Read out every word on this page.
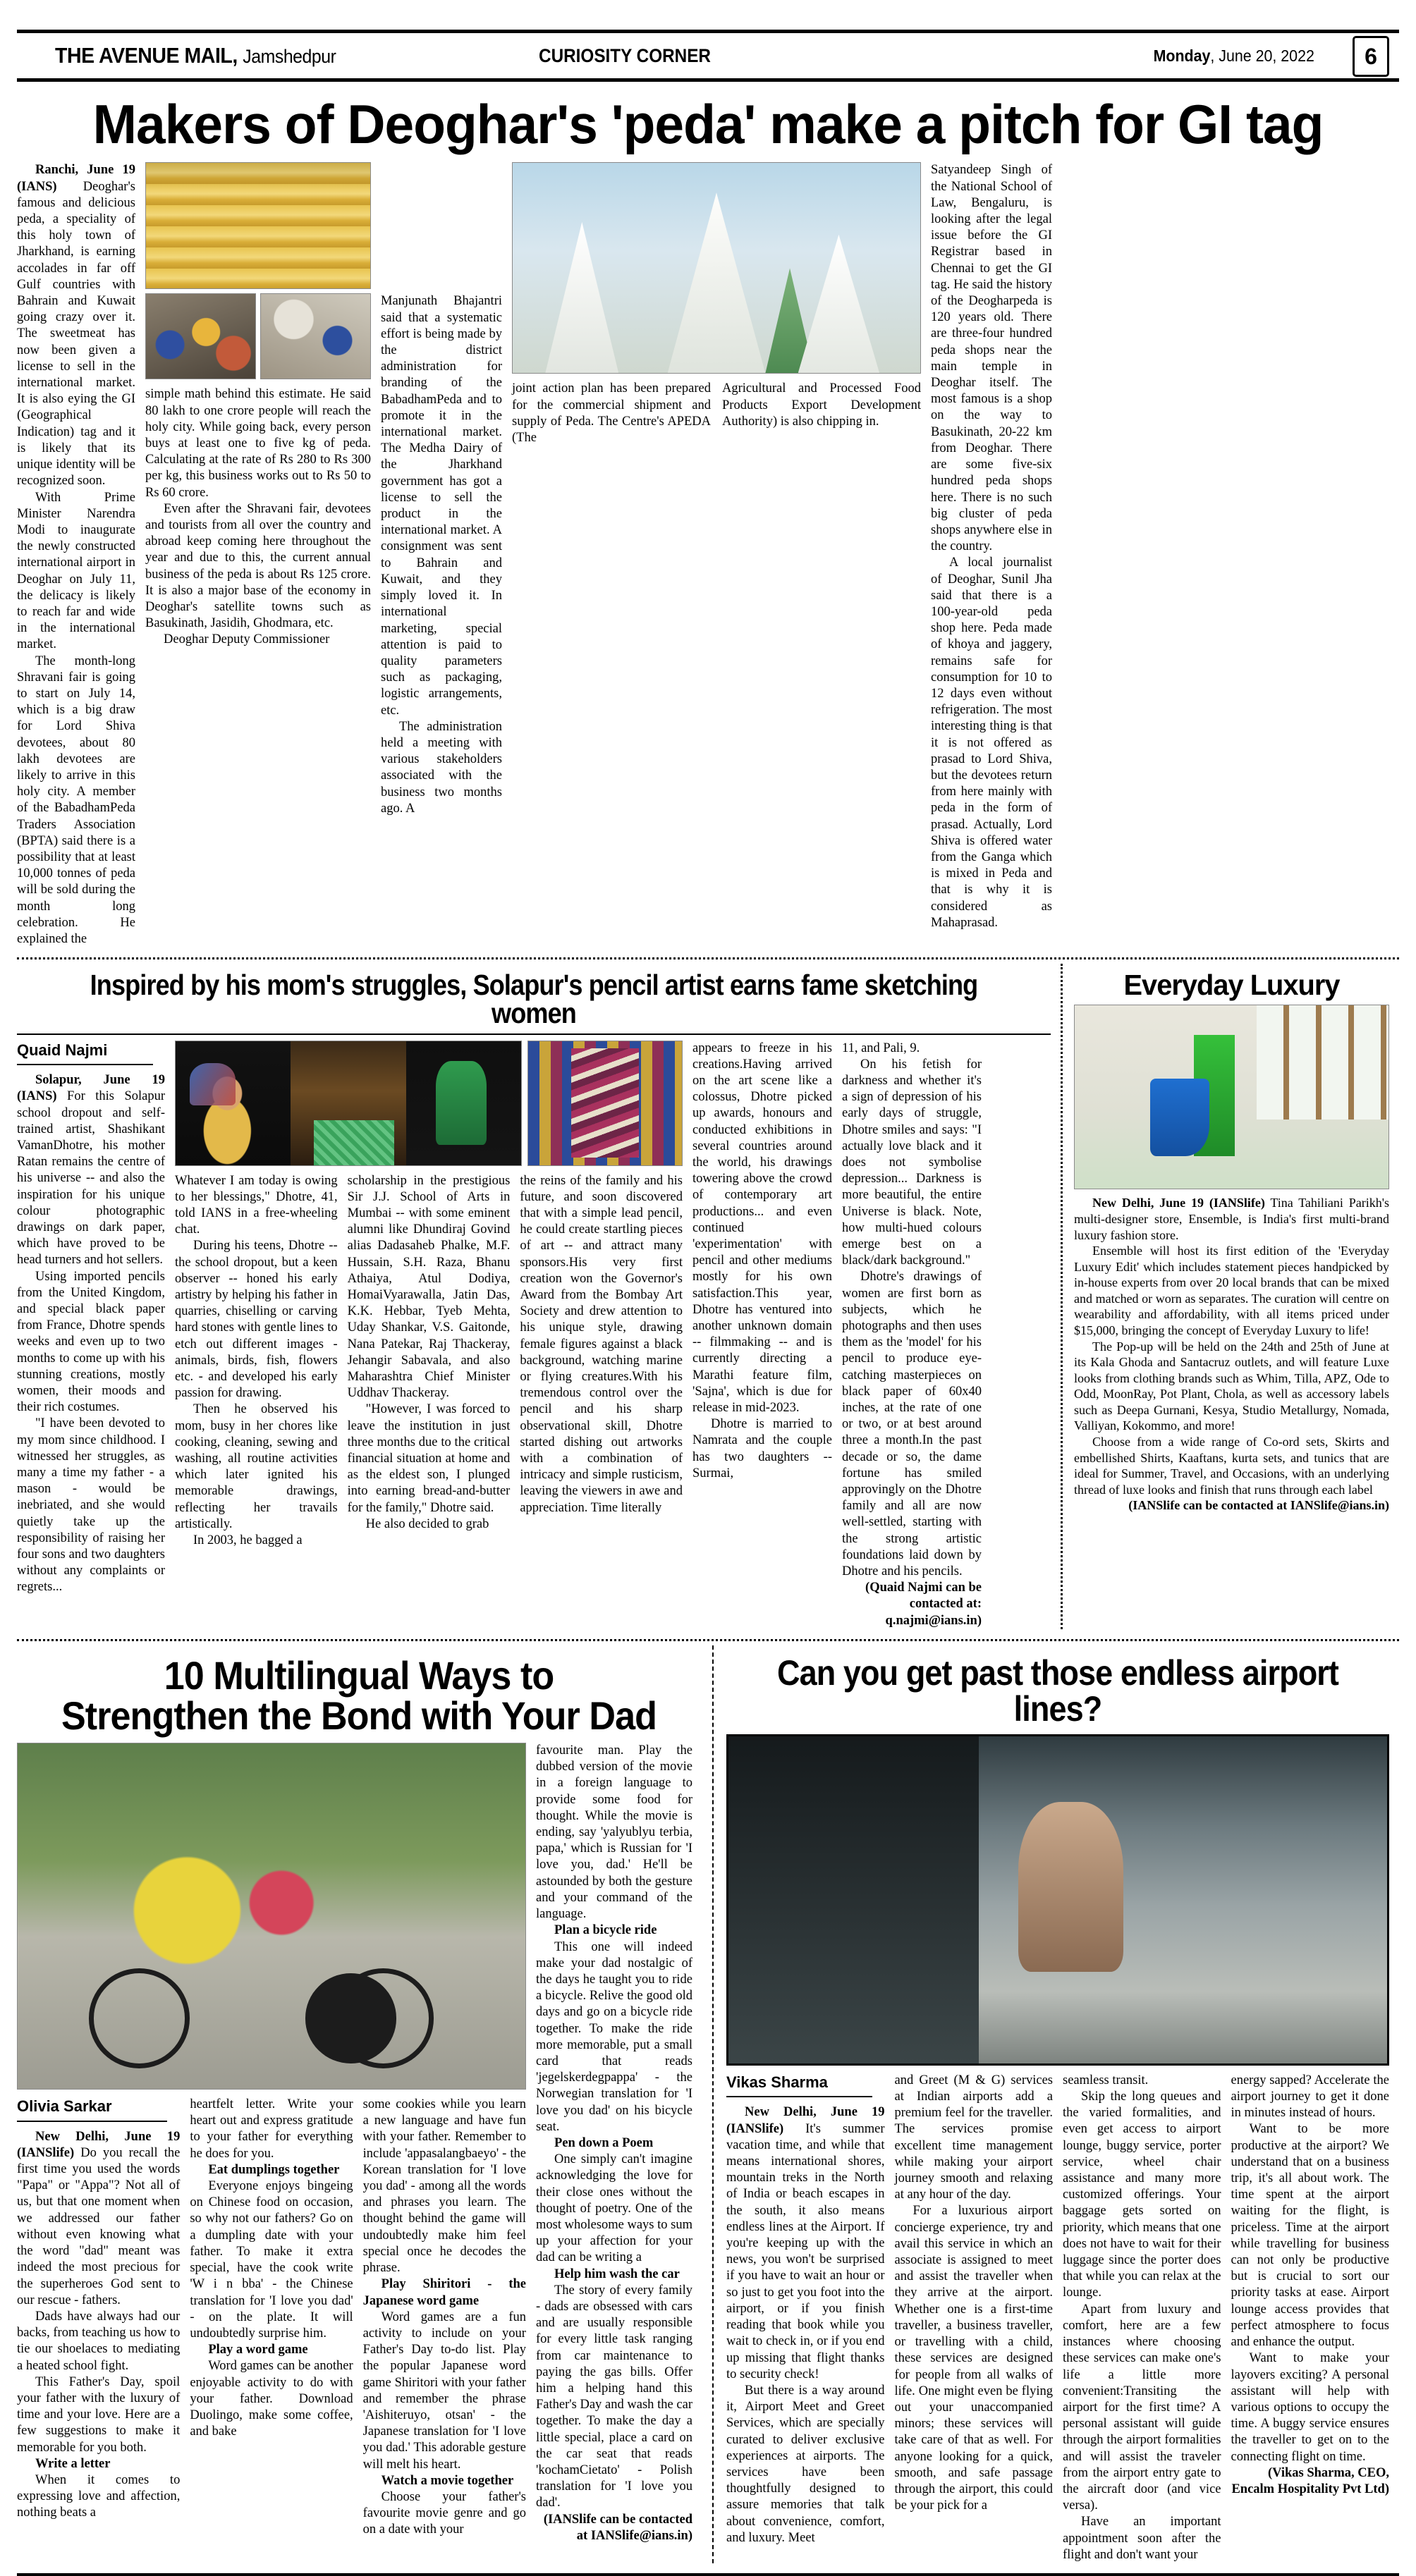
THE AVENUE MAIL, Jamshedpur	CURIOSITY CORNER	Monday, June 20, 2022	6
Makers of Deoghar's 'peda' make a pitch for GI tag

Ranchi, June 19 (IANS) Deoghar's famous and delicious peda, a speciality of this holy town of Jharkhand, is earning accolades in far off Gulf countries with Bahrain and Kuwait going crazy over it. The sweetmeat has now been given a license to sell in the international market. It is also eying the GI (Geographical Indication) tag and it is likely that its unique identity will be recognized soon.

With Prime Minister Narendra Modi to inaugurate the newly constructed international airport in Deoghar on July 11, the delicacy is likely to reach far and wide in the international market.

The month-long Shravani fair is going to start on July 14, which is a big draw for Lord Shiva devotees, about 80 lakh devotees are likely to arrive in this holy city. A member of the BabadhamPeda Traders Association (BPTA) said there is a possibility that at least 10,000 tonnes of peda will be sold during the month long celebration. He explained the

simple math behind this estimate. He said 80 lakh to one crore people will reach the holy city. While going back, every person buys at least one to five kg of peda. Calculating at the rate of Rs 280 to Rs 300 per kg, this business works out to Rs 50 to Rs 60 crore.

Even after the Shravani fair, devotees and tourists from all over the country and abroad keep coming here throughout the year and due to this, the current annual business of the peda is about Rs 125 crore. It is also a major base of the economy in Deoghar's satellite towns such as Basukinath, Jasidih, Ghodmara, etc.

Deoghar Deputy Commissioner

Manjunath Bhajantri said that a systematic effort is being made by the district administration for branding of the BabadhamPeda and to promote it in the international market. The Medha Dairy of the Jharkhand government has got a license to sell the product in the international market. A consignment was sent to Bahrain and Kuwait, and they simply loved it. In international marketing, special attention is paid to quality parameters such as packaging, logistic arrangements, etc.

The administration held a meeting with various stakeholders associated with the business two months ago. A

joint action plan has been prepared for the commercial shipment and supply of Peda. The Centre's APEDA (The

Agricultural and Processed Food Products Export Development Authority) is also chipping in.

Satyandeep Singh of the National School of Law, Bengaluru, is looking after the legal issue before the GI Registrar based in Chennai to get the GI tag. He said the history of the Deogharpeda is 120 years old. There are three-four hundred peda shops near the main temple in Deoghar itself. The most famous is a shop on the way to Basukinath, 20-22 km from Deoghar. There are some five-six hundred peda shops here. There is no such big cluster of peda shops anywhere else in the country.

A local journalist of Deoghar, Sunil Jha said that there is a 100-year-old peda shop here. Peda made of khoya and jaggery, remains safe for consumption for 10 to 12 days even without refrigeration. The most interesting thing is that it is not offered as prasad to Lord Shiva, but the devotees return from here mainly with peda in the form of prasad. Actually, Lord Shiva is offered water from the Ganga which is mixed in Peda and that is why it is considered as Mahaprasad.

Inspired by his mom's struggles, Solapur's pencil artist earns fame sketching women
Quaid Najmi

Solapur, June 19 (IANS) For this Solapur school dropout and self-trained artist, Shashikant VamanDhotre, his mother Ratan remains the centre of his universe -- and also the inspiration for his unique colour photographic drawings on dark paper, which have proved to be head turners and hot sellers.

Using imported pencils from the United Kingdom, and special black paper from France, Dhotre spends weeks and even up to two months to come up with his stunning creations, mostly women, their moods and their rich costumes.

"I have been devoted to my mom since childhood. I witnessed her struggles, as many a time my father - a mason - would be inebriated, and she would quietly take up the responsibility of raising her four sons and two daughters without any complaints or regrets...

Whatever I am today is owing to her blessings," Dhotre, 41, told IANS in a free-wheeling chat.

During his teens, Dhotre -- the school dropout, but a keen observer -- honed his early artistry by helping his father in quarries, chiselling or carving hard stones with gentle lines to etch out different images - animals, birds, fish, flowers etc. - and developed his early passion for drawing.

Then he observed his mom, busy in her chores like cooking, cleaning, sewing and washing, all routine activities which later ignited his memorable drawings, reflecting her travails artistically.

In 2003, he bagged a

scholarship in the prestigious Sir J.J. School of Arts in Mumbai -- with some eminent alumni like Dhundiraj Govind alias Dadasaheb Phalke, M.F. Hussain, S.H. Raza, Bhanu Athaiya, Atul Dodiya, HomaiVyarawalla, Jatin Das, K.K. Hebbar, Tyeb Mehta, Uday Shankar, V.S. Gaitonde, Nana Patekar, Raj Thackeray, Jehangir Sabavala, and also Maharashtra Chief Minister Uddhav Thackeray.

"However, I was forced to leave the institution in just three months due to the critical financial situation at home and as the eldest son, I plunged into earning bread-and-butter for the family," Dhotre said.

He also decided to grab

the reins of the family and his future, and soon discovered that with a simple lead pencil, he could create startling pieces of art -- and attract many sponsors.His very first creation won the Governor's Award from the Bombay Art Society and drew attention to his unique style, drawing female figures against a black background, watching marine or flying creatures.With his tremendous control over the pencil and his sharp observational skill, Dhotre started dishing out artworks with a combination of intricacy and simple rusticism, leaving the viewers in awe and appreciation. Time literally

appears to freeze in his creations.Having arrived on the art scene like a colossus, Dhotre picked up awards, honours and conducted exhibitions in several countries around the world, his drawings towering above the crowd of contemporary art productions... and even continued 'experimentation' with pencil and other mediums mostly for his own satisfaction.This year, Dhotre has ventured into another unknown domain -- filmmaking -- and is currently directing a Marathi feature film, 'Sajna', which is due for release in mid-2023.

Dhotre is married to Namrata and the couple has two daughters -- Surmai,

11, and Pali, 9.

On his fetish for darkness and whether it's a sign of depression of his early days of struggle, Dhotre smiles and says: "I actually love black and it does not symbolise depression... Darkness is more beautiful, the entire Universe is black. Note, how multi-hued colours emerge best on a black/dark background."

Dhotre's drawings of women are first born as subjects, which he photographs and then uses them as the 'model' for his pencil to produce eye-catching masterpieces on black paper of 60x40 inches, at the rate of one or two, or at best around three a month.In the past decade or so, the dame fortune has smiled approvingly on the Dhotre family and all are now well-settled, starting with the strong artistic foundations laid down by Dhotre and his pencils.

(Quaid Najmi can be contacted at: q.najmi@ians.in)

Everyday Luxury

New Delhi, June 19 (IANSlife) Tina Tahiliani Parikh's multi-designer store, Ensemble, is India's first multi-brand luxury fashion store.

Ensemble will host its first edition of the 'Everyday Luxury Edit' which includes statement pieces handpicked by in-house experts from over 20 local brands that can be mixed and matched or worn as separates. The curation will centre on wearability and affordability, with all items priced under $15,000, bringing the concept of Everyday Luxury to life!

The Pop-up will be held on the 24th and 25th of June at its Kala Ghoda and Santacruz outlets, and will feature Luxe looks from clothing brands such as Whim, Tilla, APZ, Ode to Odd, MoonRay, Pot Plant, Chola, as well as accessory labels such as Deepa Gurnani, Kesya, Studio Metallurgy, Nomada, Valliyan, Kokommo, and more!

Choose from a wide range of Co-ord sets, Skirts and embellished Shirts, Kaaftans, kurta sets, and tunics that are ideal for Summer, Travel, and Occasions, with an underlying thread of luxe looks and finish that runs through each label

(IANSlife can be contacted at IANSlife@ians.in)

10 Multilingual Ways to
Strengthen the Bond with Your Dad
Olivia Sarkar

New Delhi, June 19 (IANSlife) Do you recall the first time you used the words "Papa" or "Appa"? Not all of us, but that one moment when we addressed our father without even knowing what the word "dad" meant was indeed the most precious for the superheroes God sent to our rescue - fathers.

Dads have always had our backs, from teaching us how to tie our shoelaces to mediating a heated school fight.

This Father's Day, spoil your father with the luxury of time and your love. Here are a few suggestions to make it memorable for you both.

Write a letter

When it comes to expressing love and affection, nothing beats a

heartfelt letter. Write your heart out and express gratitude to your father for everything he does for you.

Eat dumplings together

Everyone enjoys bingeing on Chinese food on occasion, so why not our fathers? Go on a dumpling date with your father. To make it extra special, have the cook write 'W i n bba' - the Chinese translation for 'I love you dad' - on the plate. It will undoubtedly surprise him.

Play a word game

Word games can be another enjoyable activity to do with your father. Download Duolingo, make some coffee, and bake

some cookies while you learn a new language and have fun with your father. Remember to include 'appasalangbaeyo' - the Korean translation for 'I love you dad' - among all the words and phrases you learn. The thought behind the game will undoubtedly make him feel special once he decodes the phrase.

Play Shiritori - the Japanese word game

Word games are a fun activity to include on your Father's Day to-do list. Play the popular Japanese word game Shiritori with your father and remember the phrase 'Aishiteruyo, otsan' - the Japanese translation for 'I love you dad.' This adorable gesture will melt his heart.

Watch a movie together

Choose your father's favourite movie genre and go on a date with your

favourite man. Play the dubbed version of the movie in a foreign language to provide some food for thought. While the movie is ending, say 'yalyublyu terbia, papa,' which is Russian for 'I love you, dad.' He'll be astounded by both the gesture and your command of the language.

Plan a bicycle ride

This one will indeed make your dad nostalgic of the days he taught you to ride a bicycle. Relive the good old days and go on a bicycle ride together. To make the ride more memorable, put a small card that reads 'jegelskerdegpappa' - the Norwegian translation for 'I love you dad' on his bicycle seat.

Pen down a Poem

One simply can't imagine acknowledging the love for their close ones without the thought of poetry. One of the most wholesome ways to sum up your affection for your dad can be writing a

Help him wash the car

The story of every family - dads are obsessed with cars and are usually responsible for every little task ranging from car maintenance to paying the gas bills. Offer him a helping hand this Father's Day and wash the car together. To make the day a little special, place a card on the car seat that reads 'kochamCietato' - Polish translation for 'I love you dad'.

(IANSlife can be contacted at IANSlife@ians.in)

Can you get past those endless airport lines?
Vikas Sharma

New Delhi, June 19 (IANSlife) It's summer vacation time, and while that means international shores, mountain treks in the North of India or beach escapes in the south, it also means endless lines at the Airport. If you're keeping up with the news, you won't be surprised if you have to wait an hour or so just to get you foot into the airport, or if you finish reading that book while you wait to check in, or if you end up missing that flight thanks to security check!

But there is a way around it, Airport Meet and Greet Services, which are specially curated to deliver exclusive experiences at airports. The services have been thoughtfully designed to assure memories that talk about convenience, comfort, and luxury. Meet

and Greet (M & G) services at Indian airports add a premium feel for the traveller. The services promise excellent time management while making your airport journey smooth and relaxing at any hour of the day.

For a luxurious airport concierge experience, try and avail this service in which an associate is assigned to meet and assist the traveller when they arrive at the airport. Whether one is a first-time traveller, a business traveller, or travelling with a child, these services are designed for people from all walks of life. One might even be flying out your unaccompanied minors; these services will take care of that as well. For anyone looking for a quick, smooth, and safe passage through the airport, this could be your pick for a

seamless transit.

Skip the long queues and the varied formalities, and even get access to airport lounge, buggy service, porter service, wheel chair assistance and many more customized offerings. Your baggage gets sorted on priority, which means that one does not have to wait for their luggage since the porter does that while you can relax at the lounge.

Apart from luxury and comfort, here are a few instances where choosing these services can make one's life a little more convenient:Transiting the airport for the first time? A personal assistant will guide through the airport formalities and will assist the traveler from the airport entry gate to the aircraft door (and vice versa).

Have an important appointment soon after the flight and don't want your

energy sapped? Accelerate the airport journey to get it done in minutes instead of hours.

Want to be more productive at the airport? We understand that on a business trip, it's all about work. The time spent at the airport waiting for the flight, is priceless. Time at the airport while travelling for business can not only be productive but is crucial to sort our priority tasks at ease. Airport lounge access provides that perfect atmosphere to focus and enhance the output.

Want to make your layovers exciting? A personal assistant will help with various options to occupy the time. A buggy service ensures the traveller to get on to the connecting flight on time.

(Vikas Sharma, CEO, Encalm Hospitality Pvt Ltd)
